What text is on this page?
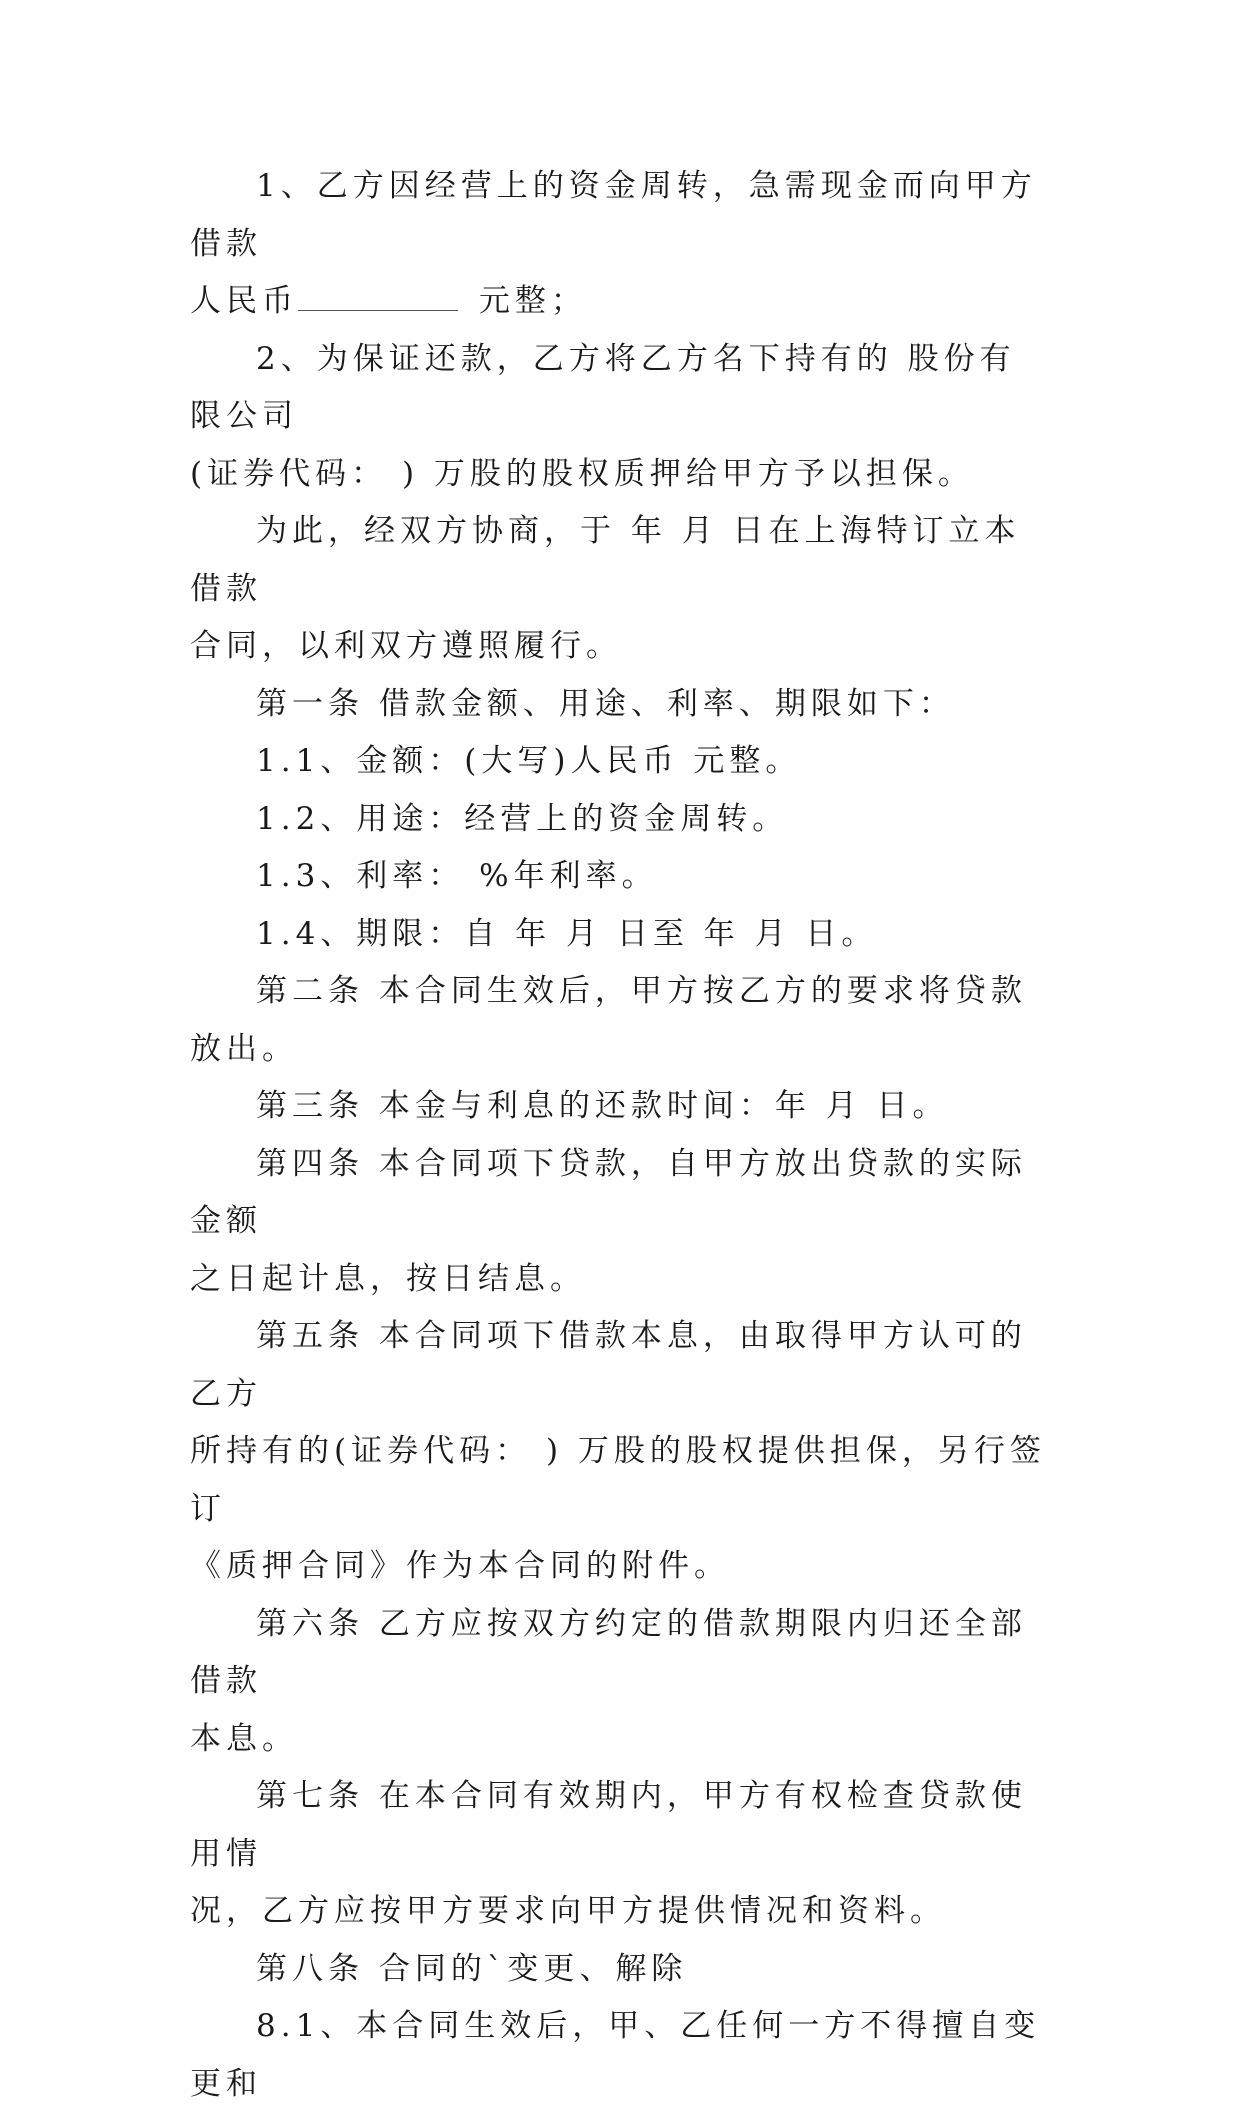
1、乙方因经营上的资金周转，急需现金而向甲方借款

人民币	元整；

2、为保证还款，乙方将乙方名下持有的 股份有限公司

(证券代码： ) 万股的股权质押给甲方予以担保。

为此，经双方协商，于 年 月 日在上海特订立本借款

合同，以利双方遵照履行。

第一条 借款金额、用途、利率、期限如下：

1.1、金额：(大写)人民币 元整。

1.2、用途：经营上的资金周转。

1.3、利率： %年利率。

1.4、期限：自 年 月 日至 年 月 日。

第二条 本合同生效后，甲方按乙方的要求将贷款放出。

第三条 本金与利息的还款时间：年 月 日。

第四条 本合同项下贷款，自甲方放出贷款的实际金额

之日起计息，按日结息。

第五条 本合同项下借款本息，由取得甲方认可的乙方

所持有的(证券代码： ) 万股的股权提供担保，另行签订

《质押合同》作为本合同的附件。

第六条 乙方应按双方约定的借款期限内归还全部借款

本息。

第七条 在本合同有效期内，甲方有权检查贷款使用情

况，乙方应按甲方要求向甲方提供情况和资料。

第八条 合同的`变更、解除

8.1、本合同生效后，甲、乙任何一方不得擅自变更和
